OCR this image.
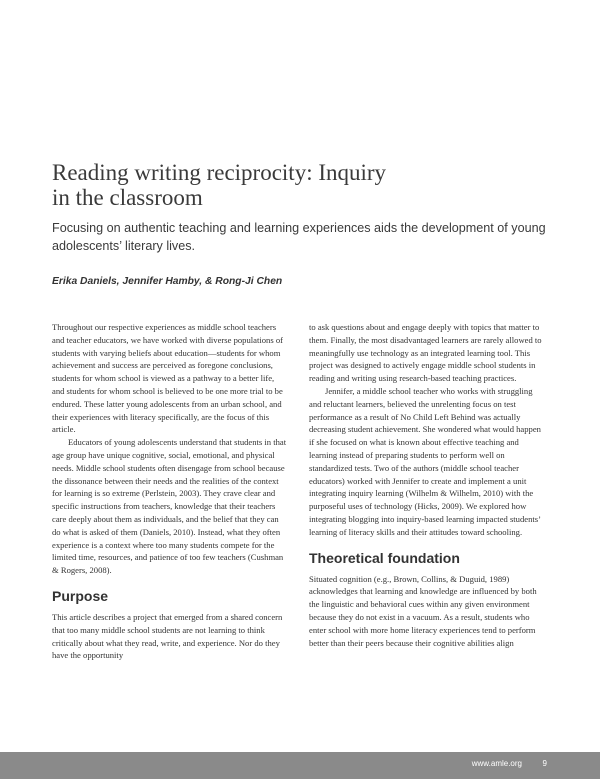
Reading writing reciprocity: Inquiry
in the classroom

Focusing on authentic teaching and learning experiences aids the development of young adolescents’ literary lives.

Erika Daniels, Jennifer Hamby, & Rong-Ji Chen

Throughout our respective experiences as middle school teachers and teacher educators, we have worked with diverse populations of students with varying beliefs about education—students for whom achievement and success are perceived as foregone conclusions, students for whom school is viewed as a pathway to a better life, and students for whom school is believed to be one more trial to be endured. These latter young adolescents from an urban school, and their experiences with literacy specifically, are the focus of this article.

Educators of young adolescents understand that students in that age group have unique cognitive, social, emotional, and physical needs. Middle school students often disengage from school because the dissonance between their needs and the realities of the context for learning is so extreme (Perlstein, 2003). They crave clear and specific instructions from teachers, knowledge that their teachers care deeply about them as individuals, and the belief that they can do what is asked of them (Daniels, 2010). Instead, what they often experience is a context where too many students compete for the limited time, resources, and patience of too few teachers (Cushman & Rogers, 2008).

Purpose

This article describes a project that emerged from a shared concern that too many middle school students are not learning to think critically about what they read, write, and experience. Nor do they have the opportunity

to ask questions about and engage deeply with topics that matter to them. Finally, the most disadvantaged learners are rarely allowed to meaningfully use technology as an integrated learning tool. This project was designed to actively engage middle school students in reading and writing using research-based teaching practices.

Jennifer, a middle school teacher who works with struggling and reluctant learners, believed the unrelenting focus on test performance as a result of No Child Left Behind was actually decreasing student achievement. She wondered what would happen if she focused on what is known about effective teaching and learning instead of preparing students to perform well on standardized tests. Two of the authors (middle school teacher educators) worked with Jennifer to create and implement a unit integrating inquiry learning (Wilhelm & Wilhelm, 2010) with the purposeful uses of technology (Hicks, 2009). We explored how integrating blogging into inquiry-based learning impacted students’ learning of literacy skills and their attitudes toward schooling.

Theoretical foundation

Situated cognition (e.g., Brown, Collins, & Duguid, 1989) acknowledges that learning and knowledge are influenced by both the linguistic and behavioral cues within any given environment because they do not exist in a vacuum. As a result, students who enter school with more home literacy experiences tend to perform better than their peers because their cognitive abilities align

www.amle.org	9
